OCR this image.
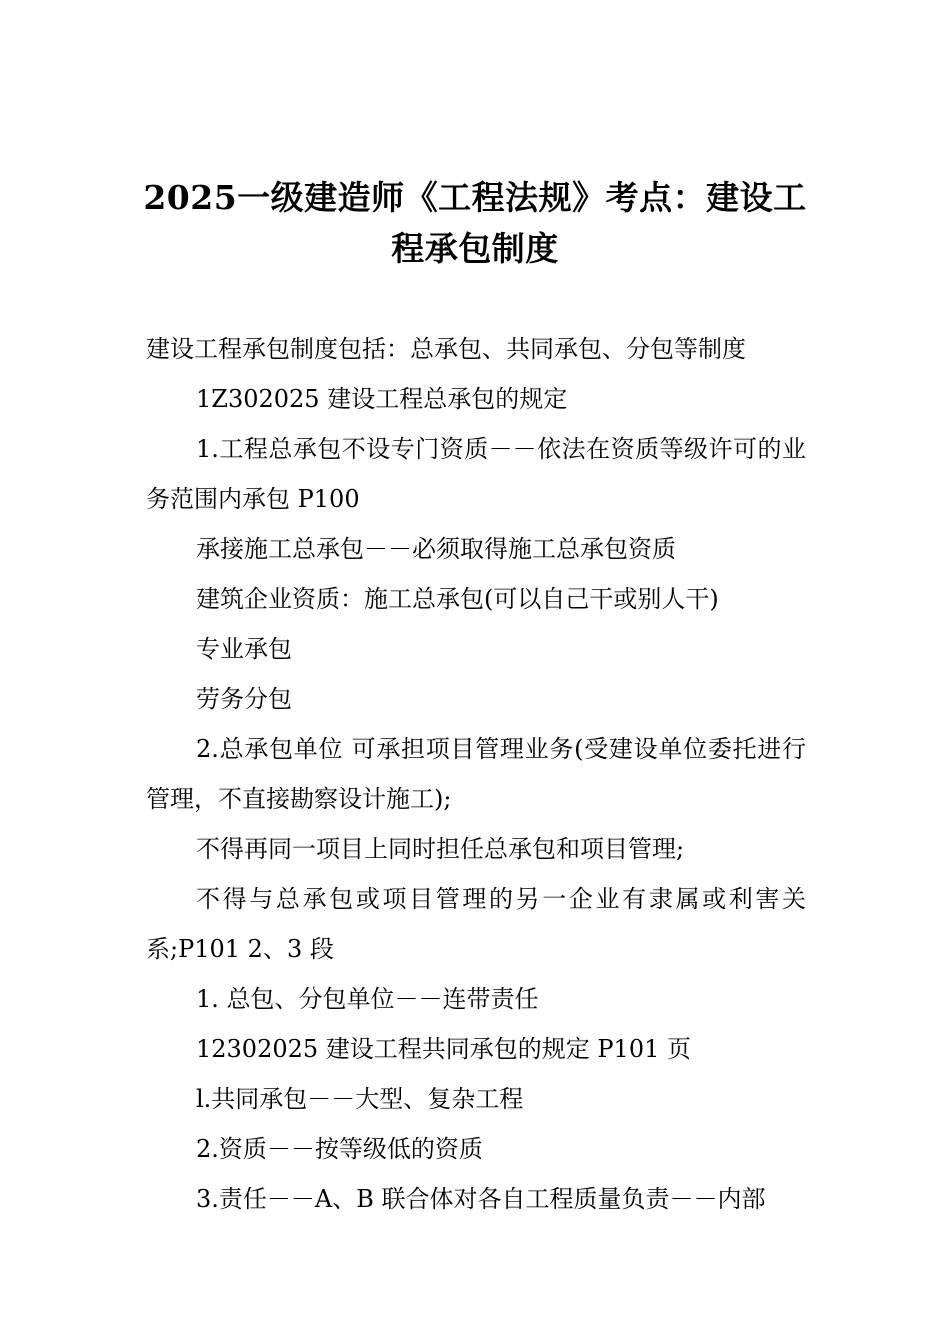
2025一级建造师《工程法规》考点：建设工程承包制度

建设工程承包制度包括：总承包、共同承包、分包等制度

1Z302025 建设工程总承包的规定

1.工程总承包不设专门资质－－依法在资质等级许可的业务范围内承包 P100

承接施工总承包－－必须取得施工总承包资质

建筑企业资质：施工总承包(可以自己干或别人干)

专业承包

劳务分包

2.总承包单位 可承担项目管理业务(受建设单位委托进行管理，不直接勘察设计施工);

不得再同一项目上同时担任总承包和项目管理;

不得与总承包或项目管理的另一企业有隶属或利害关系;P101 2、3 段

1. 总包、分包单位－－连带责任

12302025 建设工程共同承包的规定 P101 页

l.共同承包－－大型、复杂工程

2.资质－－按等级低的资质

3.责任－－A、B 联合体对各自工程质量负责－－内部
